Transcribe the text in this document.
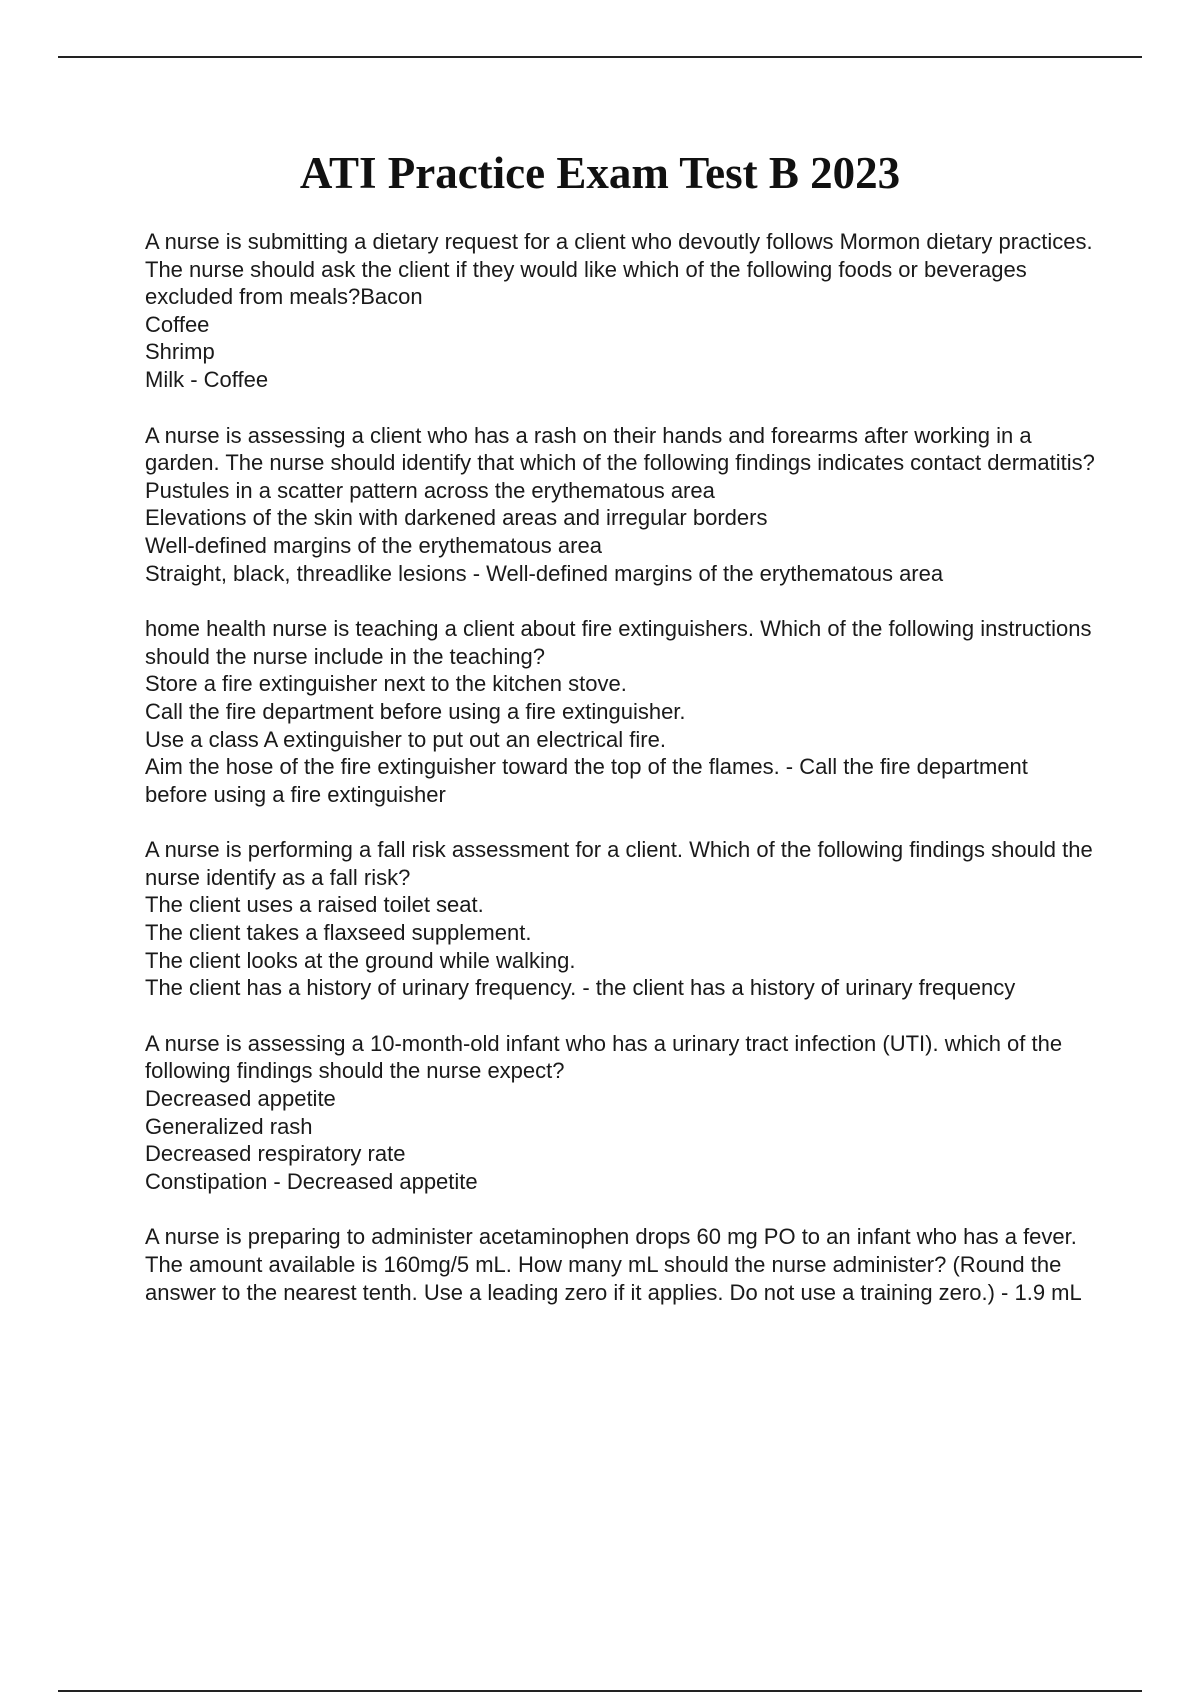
ATI Practice Exam Test B 2023

A nurse is submitting a dietary request for a client who devoutly follows Mormon dietary practices. The nurse should ask the client if they would like which of the following foods or beverages excluded from meals?Bacon

Coffee

Shrimp

Milk - Coffee

A nurse is assessing a client who has a rash on their hands and forearms after working in a garden. The nurse should identify that which of the following findings indicates contact dermatitis?

Pustules in a scatter pattern across the erythematous area

Elevations of the skin with darkened areas and irregular borders

Well-defined margins of the erythematous area

Straight, black, threadlike lesions - Well-defined margins of the erythematous area

home health nurse is teaching a client about fire extinguishers. Which of the following instructions should the nurse include in the teaching?

Store a fire extinguisher next to the kitchen stove.

Call the fire department before using a fire extinguisher.

Use a class A extinguisher to put out an electrical fire.

Aim the hose of the fire extinguisher toward the top of the flames. - Call the fire department before using a fire extinguisher

A nurse is performing a fall risk assessment for a client. Which of the following findings should the nurse identify as a fall risk?

The client uses a raised toilet seat.

The client takes a flaxseed supplement.

The client looks at the ground while walking.

The client has a history of urinary frequency. - the client has a history of urinary frequency

A nurse is assessing a 10-month-old infant who has a urinary tract infection (UTI). which of the following findings should the nurse expect?

Decreased appetite

Generalized rash

Decreased respiratory rate

Constipation - Decreased appetite

A nurse is preparing to administer acetaminophen drops 60 mg PO to an infant who has a fever. The amount available is 160mg/5 mL. How many mL should the nurse administer? (Round the answer to the nearest tenth. Use a leading zero if it applies. Do not use a training zero.) - 1.9 mL
